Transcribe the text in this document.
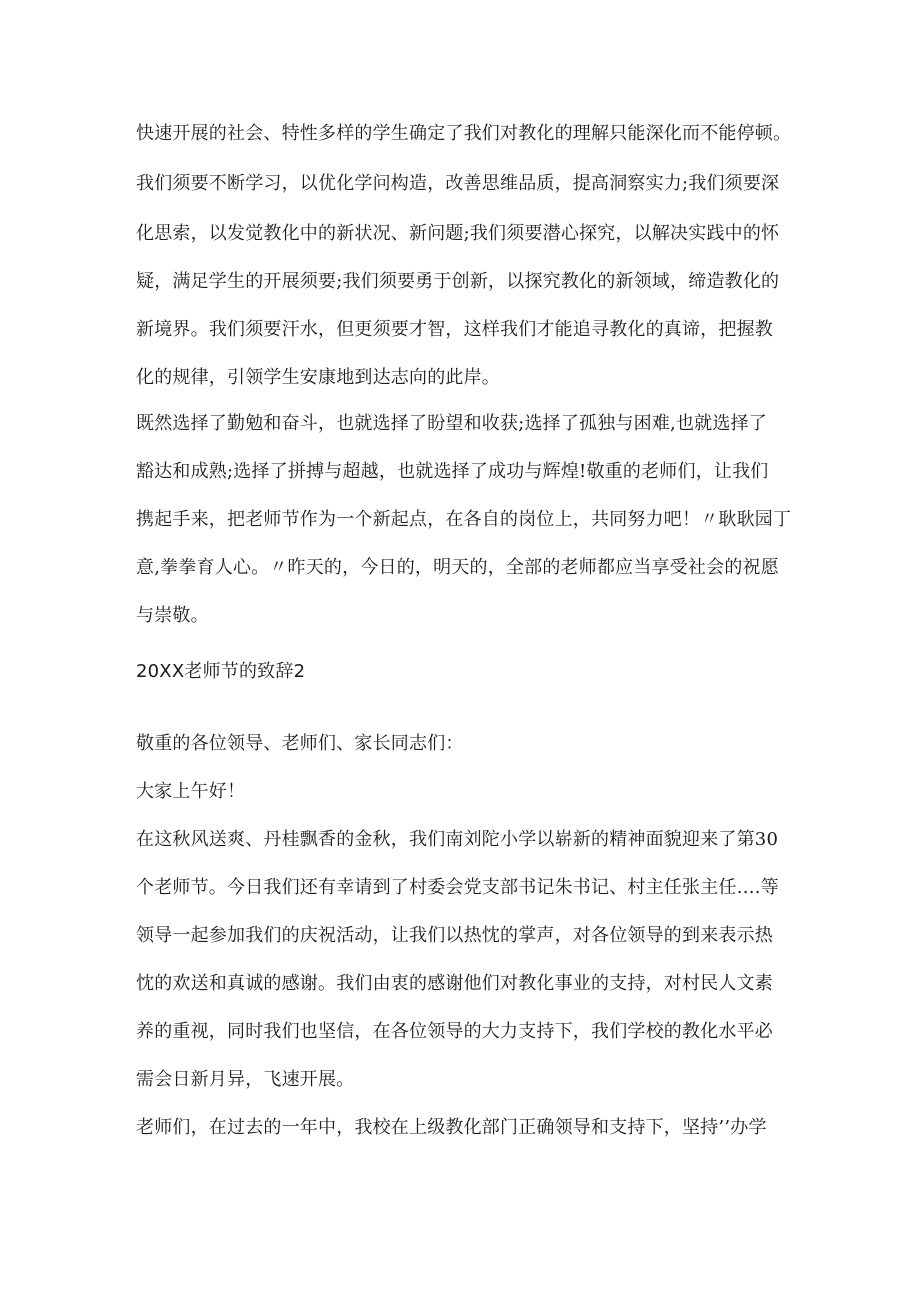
快速开展的社会、特性多样的学生确定了我们对教化的理解只能深化而不能停顿。
我们须要不断学习，以优化学问构造，改善思维品质，提高洞察实力;我们须要深
化思索，以发觉教化中的新状况、新问题;我们须要潜心探究，以解决实践中的怀
疑，满足学生的开展须要;我们须要勇于创新，以探究教化的新领域，缔造教化的
新境界。我们须要汗水，但更须要才智，这样我们才能追寻教化的真谛，把握教
化的规律，引领学生安康地到达志向的此岸。
既然选择了勤勉和奋斗，也就选择了盼望和收获;选择了孤独与困难,也就选择了
豁达和成熟;选择了拼搏与超越，也就选择了成功与辉煌!敬重的老师们，让我们
携起手来，把老师节作为一个新起点，在各自的岗位上，共同努力吧！〃耿耿园丁
意,拳拳育人心。〃昨天的，今日的，明天的，全部的老师都应当享受社会的祝愿
与崇敬。
20XX老师节的致辞2
敬重的各位领导、老师们、家长同志们：
大家上午好！
在这秋风送爽、丹桂飘香的金秋，我们南刘陀小学以崭新的精神面貌迎来了第30
个老师节。今日我们还有幸请到了村委会党支部书记朱书记、村主任张主任….等
领导一起参加我们的庆祝活动，让我们以热忱的掌声，对各位领导的到来表示热
忱的欢送和真诚的感谢。我们由衷的感谢他们对教化事业的支持，对村民人文素
养的重视，同时我们也坚信，在各位领导的大力支持下，我们学校的教化水平必
需会日新月异，飞速开展。
老师们，在过去的一年中，我校在上级教化部门正确领导和支持下，坚持’’办学
